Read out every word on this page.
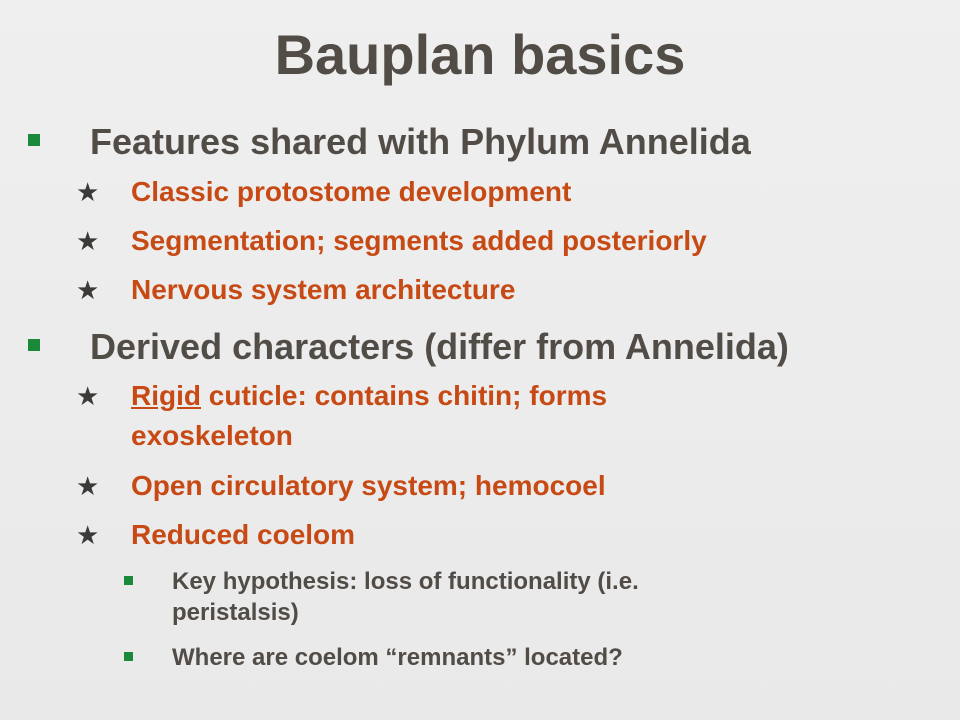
Bauplan basics
Features shared with Phylum Annelida
★ Classic protostome development
★ Segmentation; segments added posteriorly
★ Nervous system architecture
Derived characters (differ from Annelida)
★ Rigid cuticle: contains chitin; forms
exoskeleton
★ Open circulatory system; hemocoel
★ Reduced coelom
Key hypothesis: loss of functionality (i.e.
peristalsis)
Where are coelom “remnants” located?
